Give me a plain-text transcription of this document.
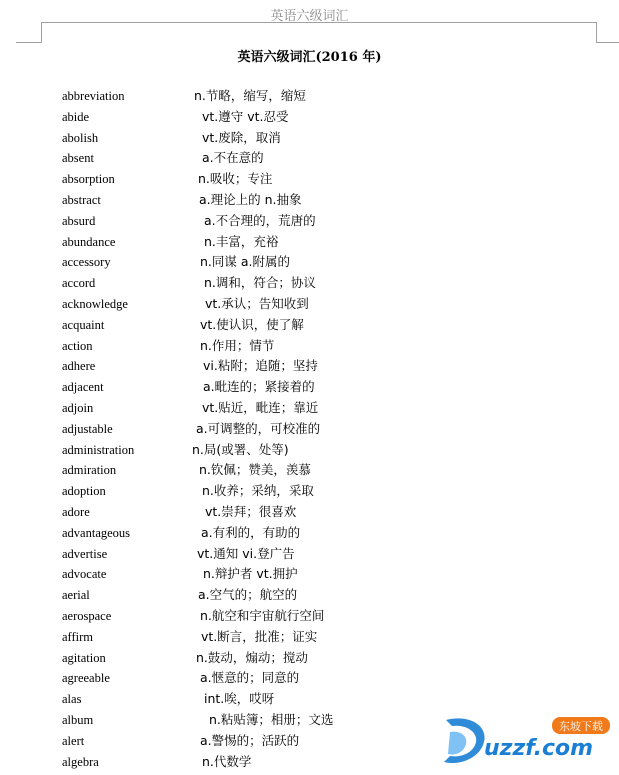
英语六级词汇
英语六级词汇(2016 年)
abbreviation	n.节略，缩写，缩短
abide	vt.遵守 vt.忍受
abolish	vt.废除，取消
absent	a.不在意的
absorption	n.吸收；专注
abstract	a.理论上的 n.抽象
absurd	a.不合理的，荒唐的
abundance	n.丰富，充裕
accessory	n.同谋 a.附属的
accord	n.调和，符合；协议
acknowledge	vt.承认；告知收到
acquaint	vt.使认识，使了解
action	n.作用；情节
adhere	vi.粘附；追随；坚持
adjacent	a.毗连的；紧接着的
adjoin	vt.贴近，毗连；靠近
adjustable	a.可调整的，可校准的
administration	n.局(或署、处等)
admiration	n.钦佩；赞美，羡慕
adoption	n.收养；采纳，采取
adore	vt.崇拜；很喜欢
advantageous	a.有利的，有助的
advertise	vt.通知 vi.登广告
advocate	n.辩护者 vt.拥护
aerial	a.空气的；航空的
aerospace	n.航空和宇宙航行空间
affirm	vt.断言，批准；证实
agitation	n.鼓动，煽动；搅动
agreeable	a.惬意的；同意的
alas	int.唉，哎呀
album	n.粘贴簿；相册；文选
alert	a.警惕的；活跃的
algebra	n.代数学	uzzf.com
东坡下载
